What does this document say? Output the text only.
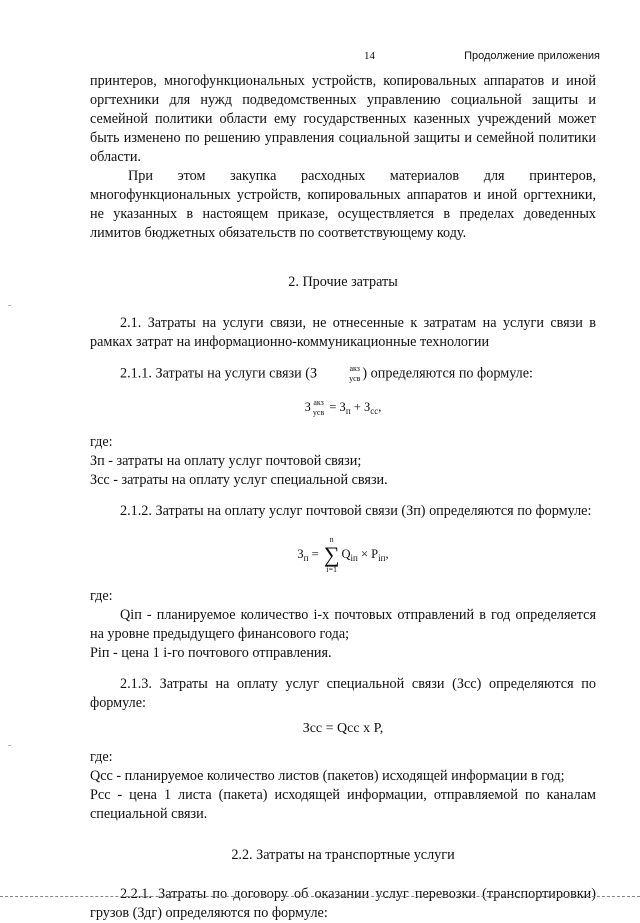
14	Продолжение приложения

принтеров, многофункциональных устройств, копировальных аппаратов и иной оргтехники для нужд подведомственных управлению социальной защиты и семейной политики области ему государственных казенных учреждений может быть изменено по решению управления социальной защиты и семейной политики области.

При этом закупка расходных материалов для принтеров, многофункциональных устройств, копировальных аппаратов и иной оргтехники, не указанных в настоящем приказе, осуществляется в пределах доведенных лимитов бюджетных обязательств по соответствующему коду.

2. Прочие затраты

2.1. Затраты на услуги связи, не отнесенные к затратам на услуги связи в рамках затрат на информационно-коммуникационные технологии

2.1.1. Затраты на услуги связи (З	акз
усв ) определяются по формуле:

З акз
усв = $З_п + З_{сс}$,

где:

Зп - затраты на оплату услуг почтовой связи;

Зсс - затраты на оплату услуг специальной связи.

2.1.2. Затраты на оплату услуг почтовой связи (Зп) определяются по формуле:

$З_п$ =
n
∑
i=1
$Q_{iп} \times P_{iп}$,

где:

Qiп - планируемое количество i-х почтовых отправлений в год определяется на уровне предыдущего финансового года;

Piп - цена 1 i-го почтового отправления.

2.1.3. Затраты на оплату услуг специальной связи (Зсс) определяются по формуле:

Зсс = Qсс х P,

где:

Qсс - планируемое количество листов (пакетов) исходящей информации в год;

Рсс - цена 1 листа (пакета) исходящей информации, отправляемой по каналам специальной связи.

2.2. Затраты на транспортные услуги

2.2.1. Затраты по договору об оказании услуг перевозки (транспортировки) грузов (Здг) определяются по формуле:

-
-
